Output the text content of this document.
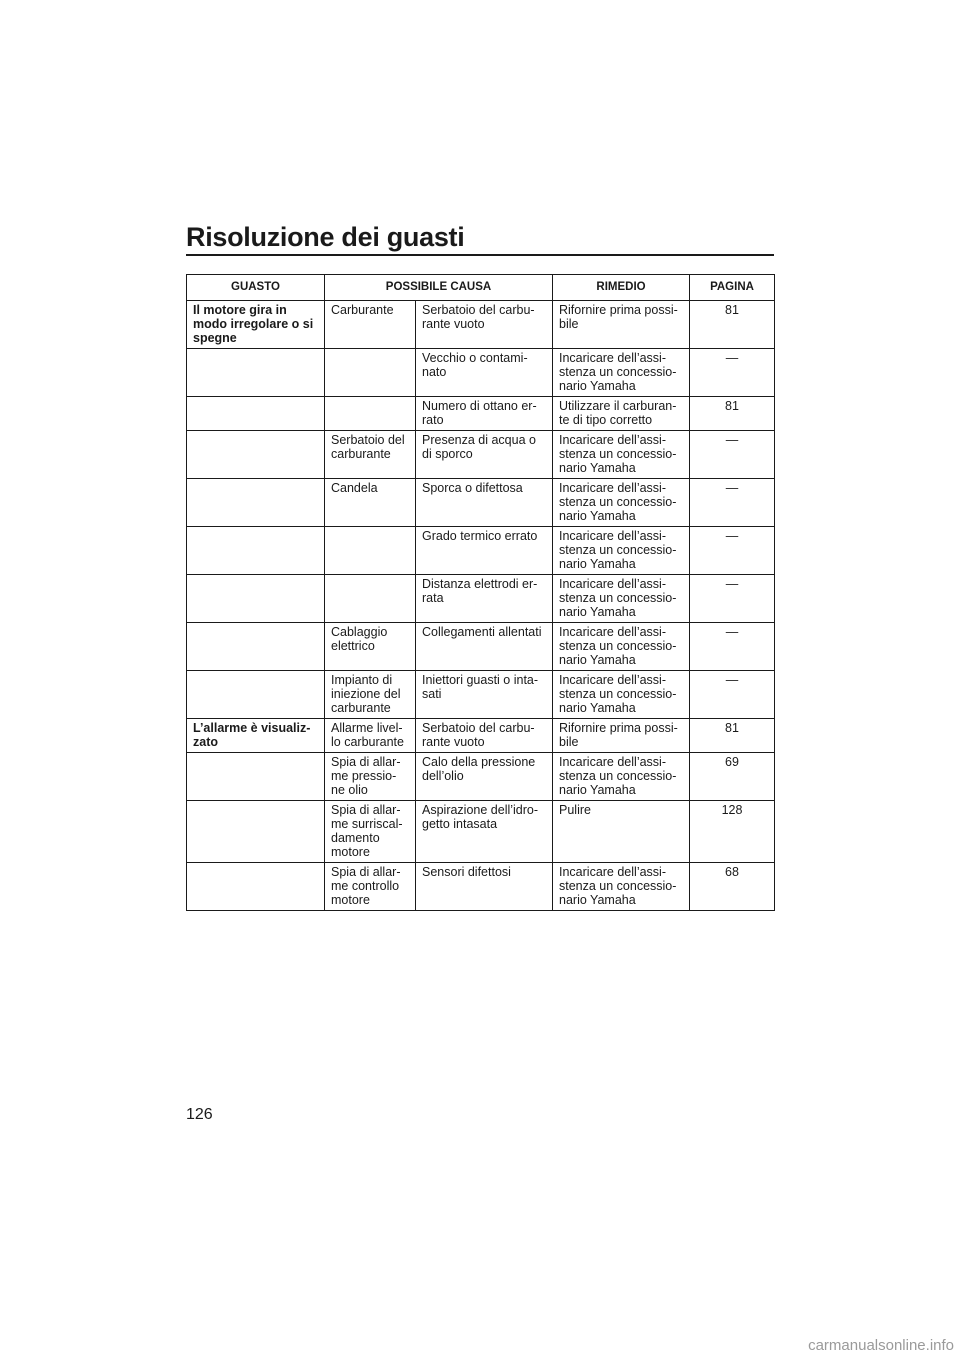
Risoluzione dei guasti
GUASTO	POSSIBILE CAUSA		RIMEDIO	PAGINA

Il motore gira in
modo irregolare o si
spegne	Carburante	Serbatoio del carbu-
rante vuoto	Rifornire prima possi-
bile	81

		Vecchio o contami-
nato	Incaricare dell’assi-
stenza un concessio-
nario Yamaha	—

		Numero di ottano er-
rato	Utilizzare il carburan-
te di tipo corretto	81

	Serbatoio del
carburante	Presenza di acqua o
di sporco	Incaricare dell’assi-
stenza un concessio-
nario Yamaha	—

	Candela	Sporca o difettosa	Incaricare dell’assi-
stenza un concessio-
nario Yamaha	—

		Grado termico errato	Incaricare dell’assi-
stenza un concessio-
nario Yamaha	—

		Distanza elettrodi er-
rata	Incaricare dell’assi-
stenza un concessio-
nario Yamaha	—

	Cablaggio
elettrico	Collegamenti allentati	Incaricare dell’assi-
stenza un concessio-
nario Yamaha	—

	Impianto di
iniezione del
carburante	Iniettori guasti o inta-
sati	Incaricare dell’assi-
stenza un concessio-
nario Yamaha	—

L’allarme è visualiz-
zato	Allarme livel-
lo carburante	Serbatoio del carbu-
rante vuoto	Rifornire prima possi-
bile	81

	Spia di allar-
me pressio-
ne olio	Calo della pressione
dell’olio	Incaricare dell’assi-
stenza un concessio-
nario Yamaha	69

	Spia di allar-
me surriscal-
damento
motore	Aspirazione dell’idro-
getto intasata	Pulire	128

	Spia di allar-
me controllo
motore	Sensori difettosi	Incaricare dell’assi-
stenza un concessio-
nario Yamaha	68
126
carmanualsonline.info
